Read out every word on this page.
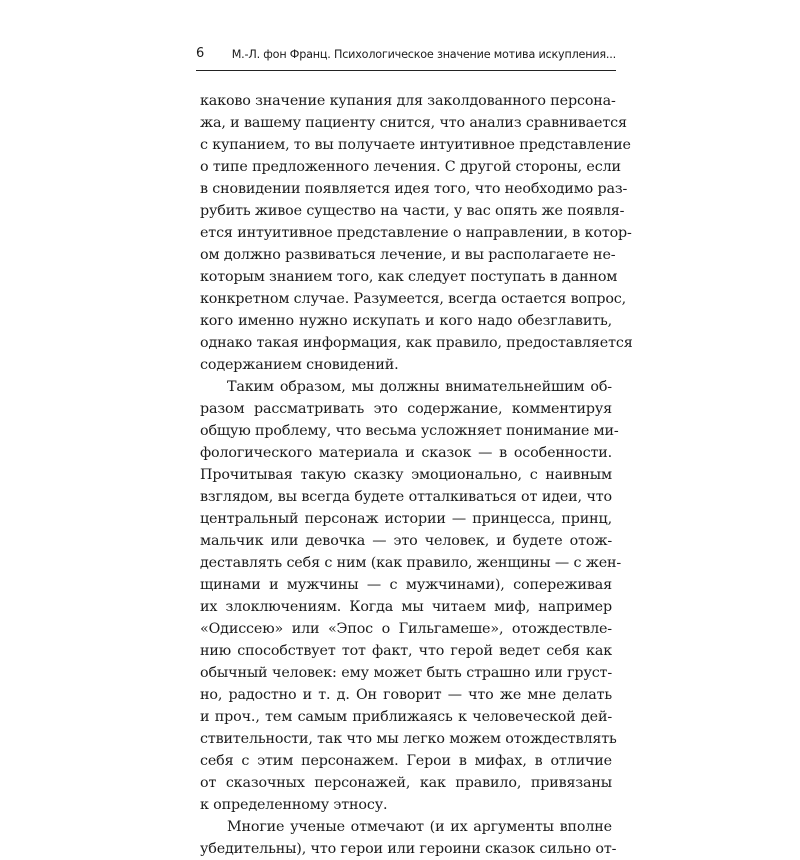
6 М.-Л. фон Франц. Психологическое значение мотива искупления...
каково значение купания для заколдованного персона-
жа, и вашему пациенту снится, что анализ сравнивается
с купанием, то вы получаете интуитивное представление
о типе предложенного лечения. С другой стороны, если
в сновидении появляется идея того, что необходимо раз-
рубить живое существо на части, у вас опять же появля-
ется интуитивное представление о направлении, в котор-
ом должно развиваться лечение, и вы располагаете не-
которым знанием того, как следует поступать в данном
конкретном случае. Разумеется, всегда остается вопрос,
кого именно нужно искупать и кого надо обезглавить,
однако такая информация, как правило, предоставляется
содержанием сновидений.
Таким образом, мы должны внимательнейшим об-
разом рассматривать это содержание, комментируя
общую проблему, что весьма усложняет понимание ми-
фологического материала и сказок — в особенности.
Прочитывая такую сказку эмоционально, с наивным
взглядом, вы всегда будете отталкиваться от идеи, что
центральный персонаж истории — принцесса, принц,
мальчик или девочка — это человек, и будете отож-
деставлять себя с ним (как правило, женщины — с жен-
щинами и мужчины — с мужчинами), сопереживая
их злоключениям. Когда мы читаем миф, например
«Одиссею» или «Эпос о Гильгамеше», отождествле-
нию способствует тот факт, что герой ведет себя как
обычный человек: ему может быть страшно или груст-
но, радостно и т. д. Он говорит — что же мне делать
и проч., тем самым приближаясь к человеческой дей-
ствительности, так что мы легко можем отождествлять
себя с этим персонажем. Герои в мифах, в отличие
от сказочных персонажей, как правило, привязаны
к определенному этносу.
Многие ученые отмечают (и их аргументы вполне
убедительны), что герои или героини сказок сильно от-
